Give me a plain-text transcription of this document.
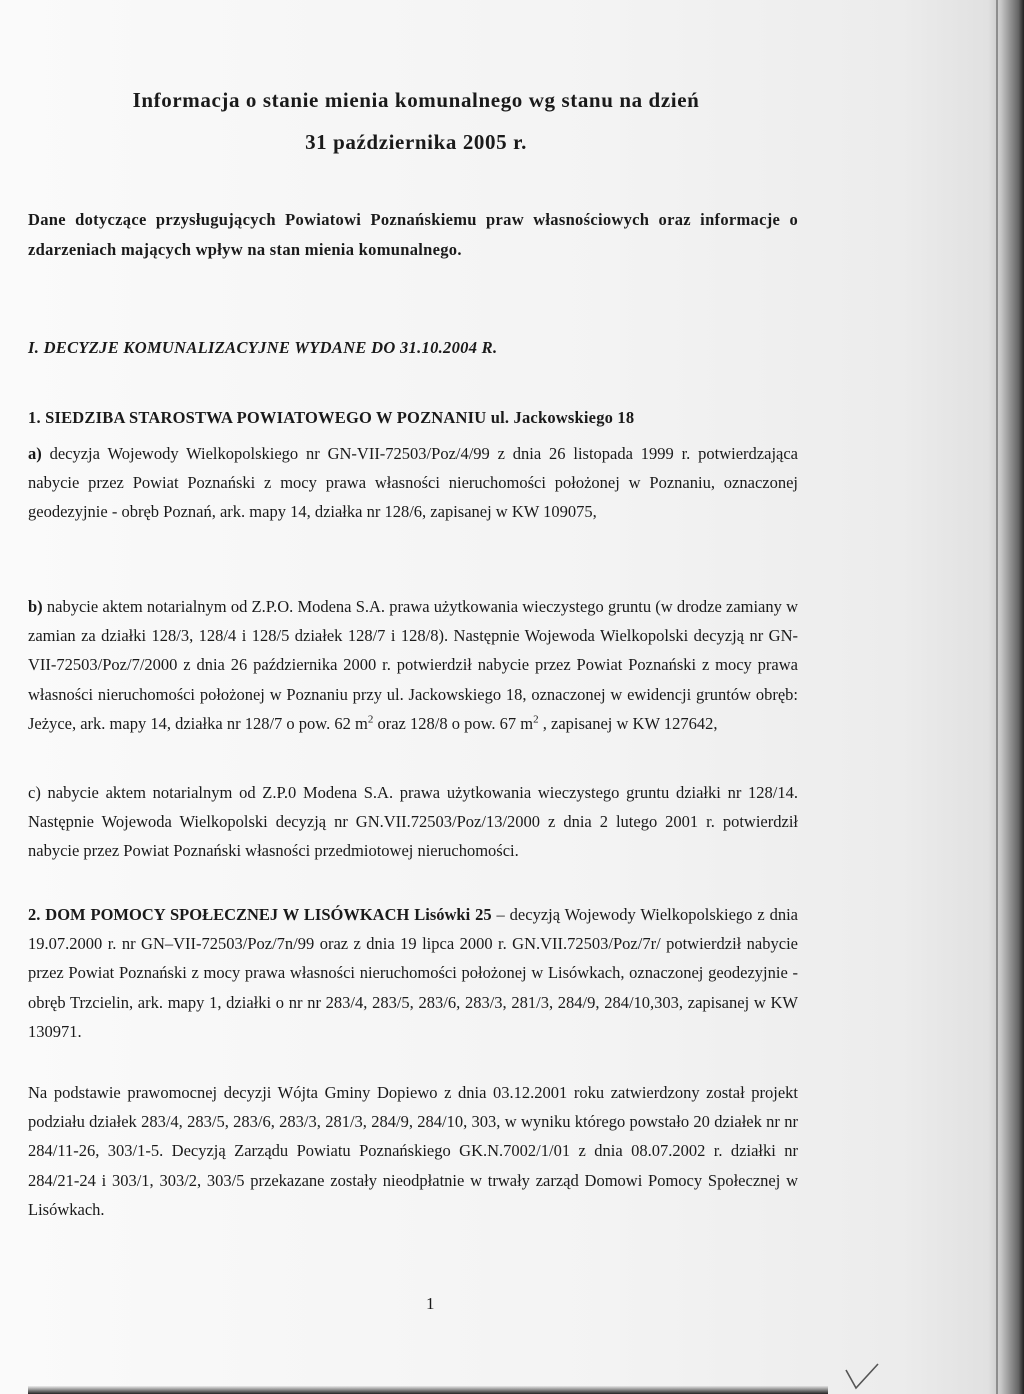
Informacja o stanie mienia komunalnego wg stanu na dzień
31 października 2005 r.
Dane dotyczące przysługujących Powiatowi Poznańskiemu praw własnościowych oraz informacje o zdarzeniach mających wpływ na stan mienia komunalnego.
I. DECYZJE KOMUNALIZACYJNE WYDANE DO 31.10.2004 R.
1. SIEDZIBA STAROSTWA POWIATOWEGO W POZNANIU ul. Jackowskiego 18
a) decyzja Wojewody Wielkopolskiego nr GN-VII-72503/Poz/4/99 z dnia 26 listopada 1999 r. potwierdzająca nabycie przez Powiat Poznański z mocy prawa własności nieruchomości położonej w Poznaniu, oznaczonej geodezyjnie - obręb Poznań, ark. mapy 14, działka nr 128/6, zapisanej w KW 109075,
b) nabycie aktem notarialnym od Z.P.O. Modena S.A. prawa użytkowania wieczystego gruntu (w drodze zamiany w zamian za działki 128/3, 128/4 i 128/5 działek 128/7 i 128/8). Następnie Wojewoda Wielkopolski decyzją nr GN-VII-72503/Poz/7/2000 z dnia 26 października 2000 r. potwierdził nabycie przez Powiat Poznański z mocy prawa własności nieruchomości położonej w Poznaniu przy ul. Jackowskiego 18, oznaczonej w ewidencji gruntów obręb: Jeżyce, ark. mapy 14, działka nr 128/7 o pow. 62 $m^2$ oraz 128/8 o pow. 67 $m^2$ , zapisanej w KW 127642,
c) nabycie aktem notarialnym od Z.P.0 Modena S.A. prawa użytkowania wieczystego gruntu działki nr 128/14. Następnie Wojewoda Wielkopolski decyzją nr GN.VII.72503/Poz/13/2000 z dnia 2 lutego 2001 r. potwierdził nabycie przez Powiat Poznański własności przedmiotowej nieruchomości.
2. DOM POMOCY SPOŁECZNEJ W LISÓWKACH Lisówki 25 – decyzją Wojewody Wielkopolskiego z dnia 19.07.2000 r. nr GN–VII-72503/Poz/7n/99 oraz z dnia 19 lipca 2000 r. GN.VII.72503/Poz/7r/ potwierdził nabycie przez Powiat Poznański z mocy prawa własności nieruchomości położonej w Lisówkach, oznaczonej geodezyjnie - obręb Trzcielin, ark. mapy 1, działki o nr nr 283/4, 283/5, 283/6, 283/3, 281/3, 284/9, 284/10,303, zapisanej w KW 130971.
Na podstawie prawomocnej decyzji Wójta Gminy Dopiewo z dnia 03.12.2001 roku zatwierdzony został projekt podziału działek 283/4, 283/5, 283/6, 283/3, 281/3, 284/9, 284/10, 303, w wyniku którego powstało 20 działek nr nr 284/11-26, 303/1-5. Decyzją Zarządu Powiatu Poznańskiego GK.N.7002/1/01 z dnia 08.07.2002 r. działki nr 284/21-24 i 303/1, 303/2, 303/5 przekazane zostały nieodpłatnie w trwały zarząd Domowi Pomocy Społecznej w Lisówkach.
1
